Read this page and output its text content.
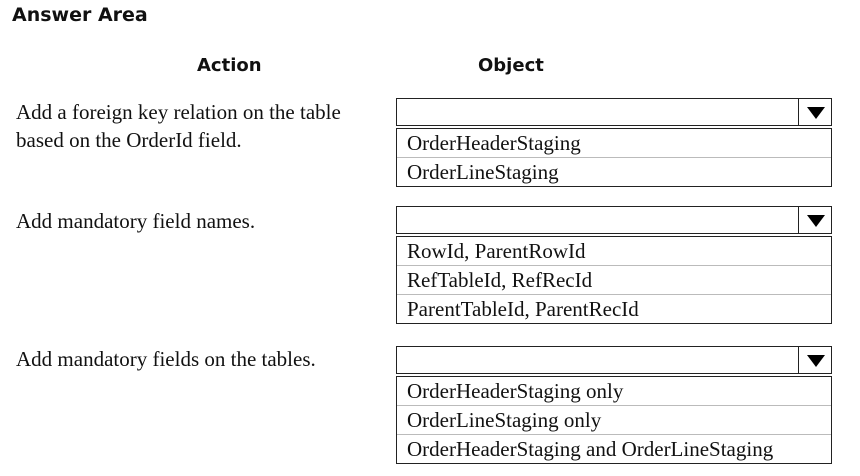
Answer Area
Action	Object
Add a foreign key relation on the table based on the OrderId field.	OrderHeaderStaging
OrderLineStaging
Add mandatory field names.
RowId, ParentRowId
RefTableId, RefRecId
ParentTableId, ParentRecId
Add mandatory fields on the tables.
OrderHeaderStaging only
OrderLineStaging only
OrderHeaderStaging and OrderLineStaging
